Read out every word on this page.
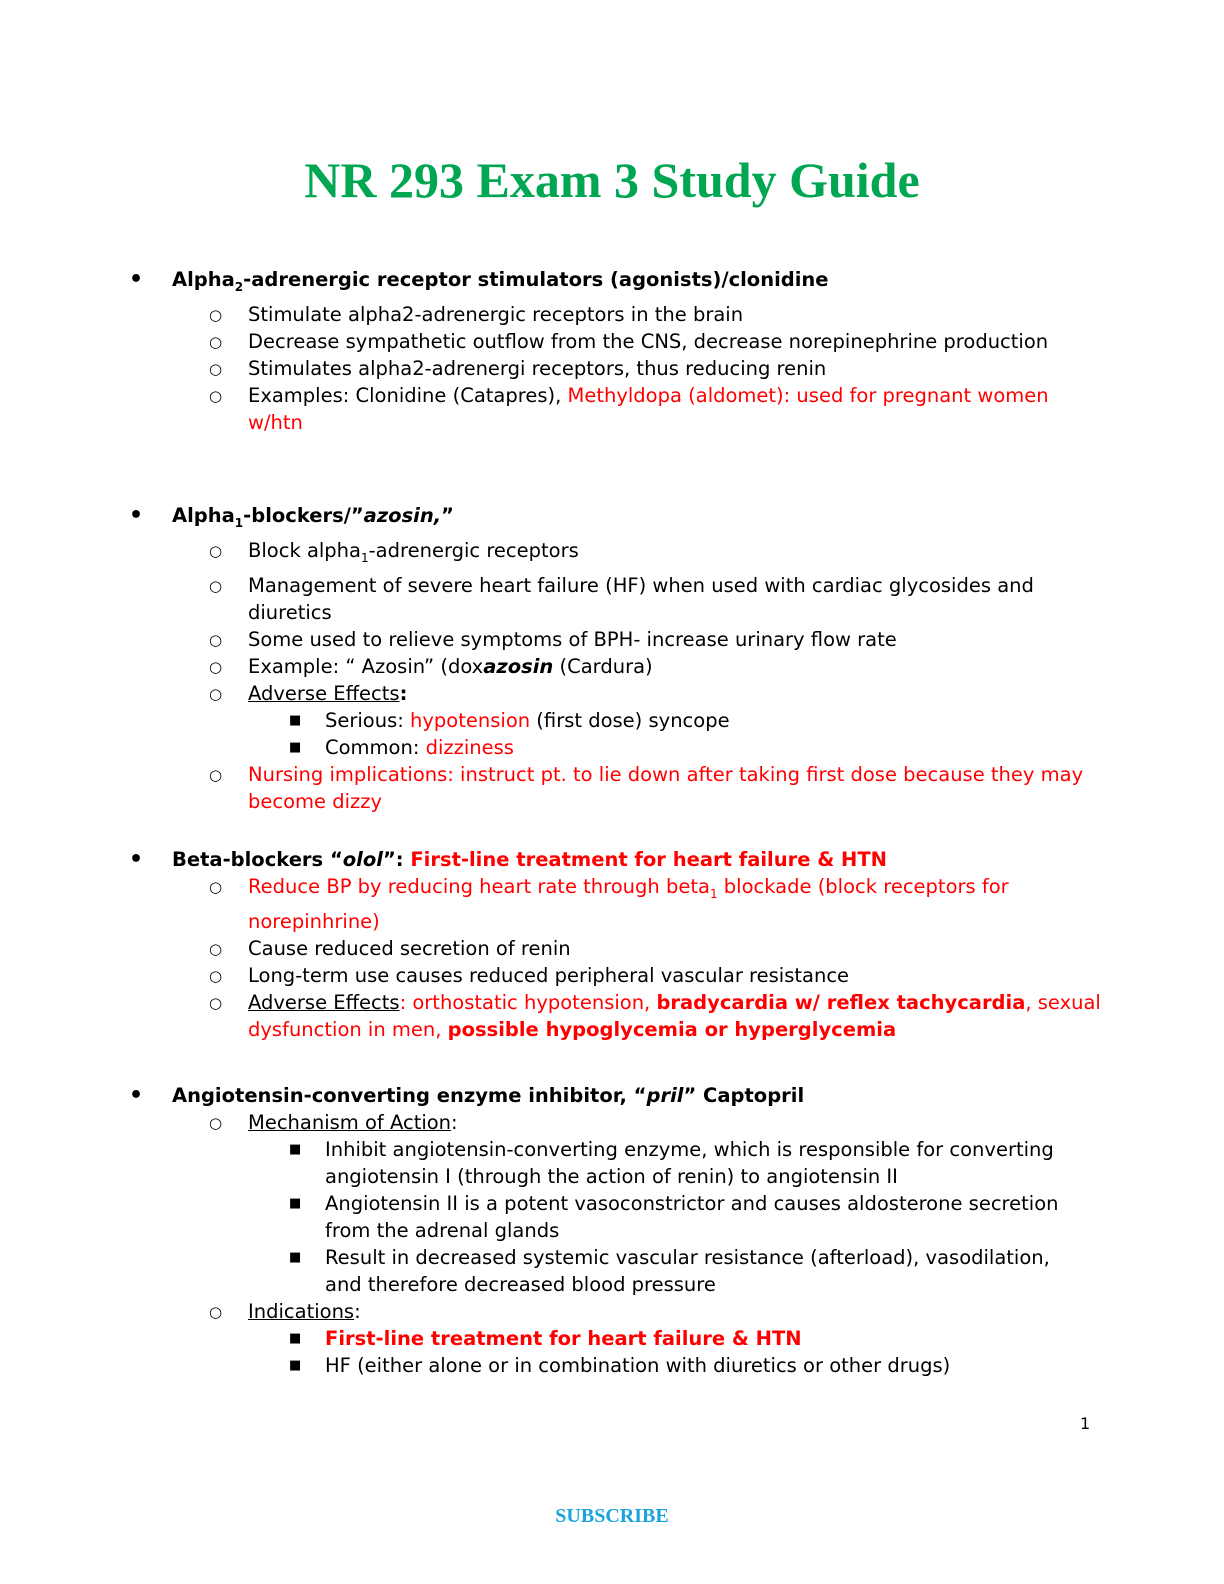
NR 293 Exam 3 Study Guide
• Alpha$_2$-adrenergic receptor stimulators (agonists)/clonidine
○ Stimulate alpha2-adrenergic receptors in the brain
○ Decrease sympathetic outflow from the CNS, decrease norepinephrine production
○ Stimulates alpha2-adrenergi receptors, thus reducing renin
○ Examples: Clonidine (Catapres), Methyldopa (aldomet): used for pregnant women w/htn
• Alpha$_1$-blockers/”azosin,”
○ Block alpha$_1$-adrenergic receptors
○ Management of severe heart failure (HF) when used with cardiac glycosides and diuretics
○ Some used to relieve symptoms of BPH- increase urinary flow rate
○ Example: “ Azosin” (doxazosin (Cardura)
○ Adverse Effects:
■ Serious: hypotension (first dose) syncope
■ Common: dizziness
○ Nursing implications: instruct pt. to lie down after taking first dose because they may become dizzy
• Beta-blockers “olol”: First-line treatment for heart failure & HTN
○ Reduce BP by reducing heart rate through beta$_1$ blockade (block receptors for norepinhrine)
○ Cause reduced secretion of renin
○ Long-term use causes reduced peripheral vascular resistance
○ Adverse Effects: orthostatic hypotension, bradycardia w/ reflex tachycardia, sexual dysfunction in men, possible hypoglycemia or hyperglycemia
• Angiotensin-converting enzyme inhibitor, “pril” Captopril
○ Mechanism of Action:
■ Inhibit angiotensin-converting enzyme, which is responsible for converting angiotensin I (through the action of renin) to angiotensin II
■ Angiotensin II is a potent vasoconstrictor and causes aldosterone secretion from the adrenal glands
■ Result in decreased systemic vascular resistance (afterload), vasodilation, and therefore decreased blood pressure
○ Indications:
■ First-line treatment for heart failure & HTN
■ HF (either alone or in combination with diuretics or other drugs)
1
SUBSCRIBE
